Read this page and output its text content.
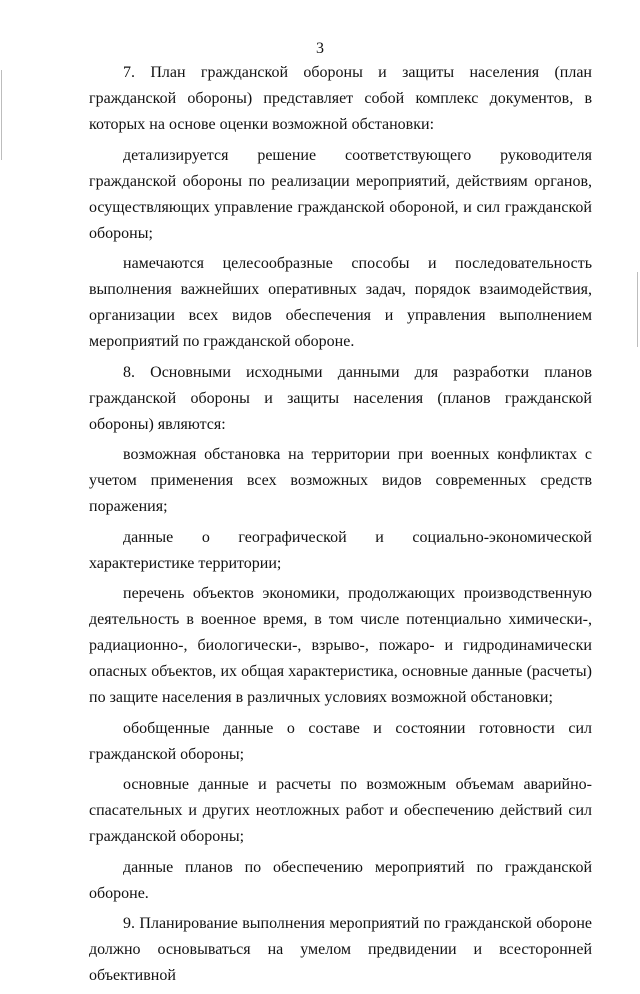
3

7. План гражданской обороны и защиты населения (план гражданской обороны) представляет собой комплекс документов, в которых на основе оценки возможной обстановки:

детализируется решение соответствующего руководителя гражданской обороны по реализации мероприятий, действиям органов, осуществляющих управление гражданской обороной, и сил гражданской обороны;

намечаются целесообразные способы и последовательность выполнения важнейших оперативных задач, порядок взаимодействия, организации всех видов обеспечения и управления выполнением мероприятий по гражданской обороне.

8. Основными исходными данными для разработки планов гражданской обороны и защиты населения (планов гражданской обороны) являются:

возможная обстановка на территории при военных конфликтах с учетом применения всех возможных видов современных средств поражения;

данные о географической и социально-экономической характеристике территории;

перечень объектов экономики, продолжающих производственную деятельность в военное время, в том числе потенциально химически-, радиационно-, биологически-, взрыво-, пожаро- и гидродинамически опасных объектов, их общая характеристика, основные данные (расчеты) по защите населения в различных условиях возможной обстановки;

обобщенные данные о составе и состоянии готовности сил гражданской обороны;

основные данные и расчеты по возможным объемам аварийно-спасательных и других неотложных работ и обеспечению действий сил гражданской обороны;

данные планов по обеспечению мероприятий по гражданской обороне.

9. Планирование выполнения мероприятий по гражданской обороне должно основываться на умелом предвидении и всесторонней объективной
